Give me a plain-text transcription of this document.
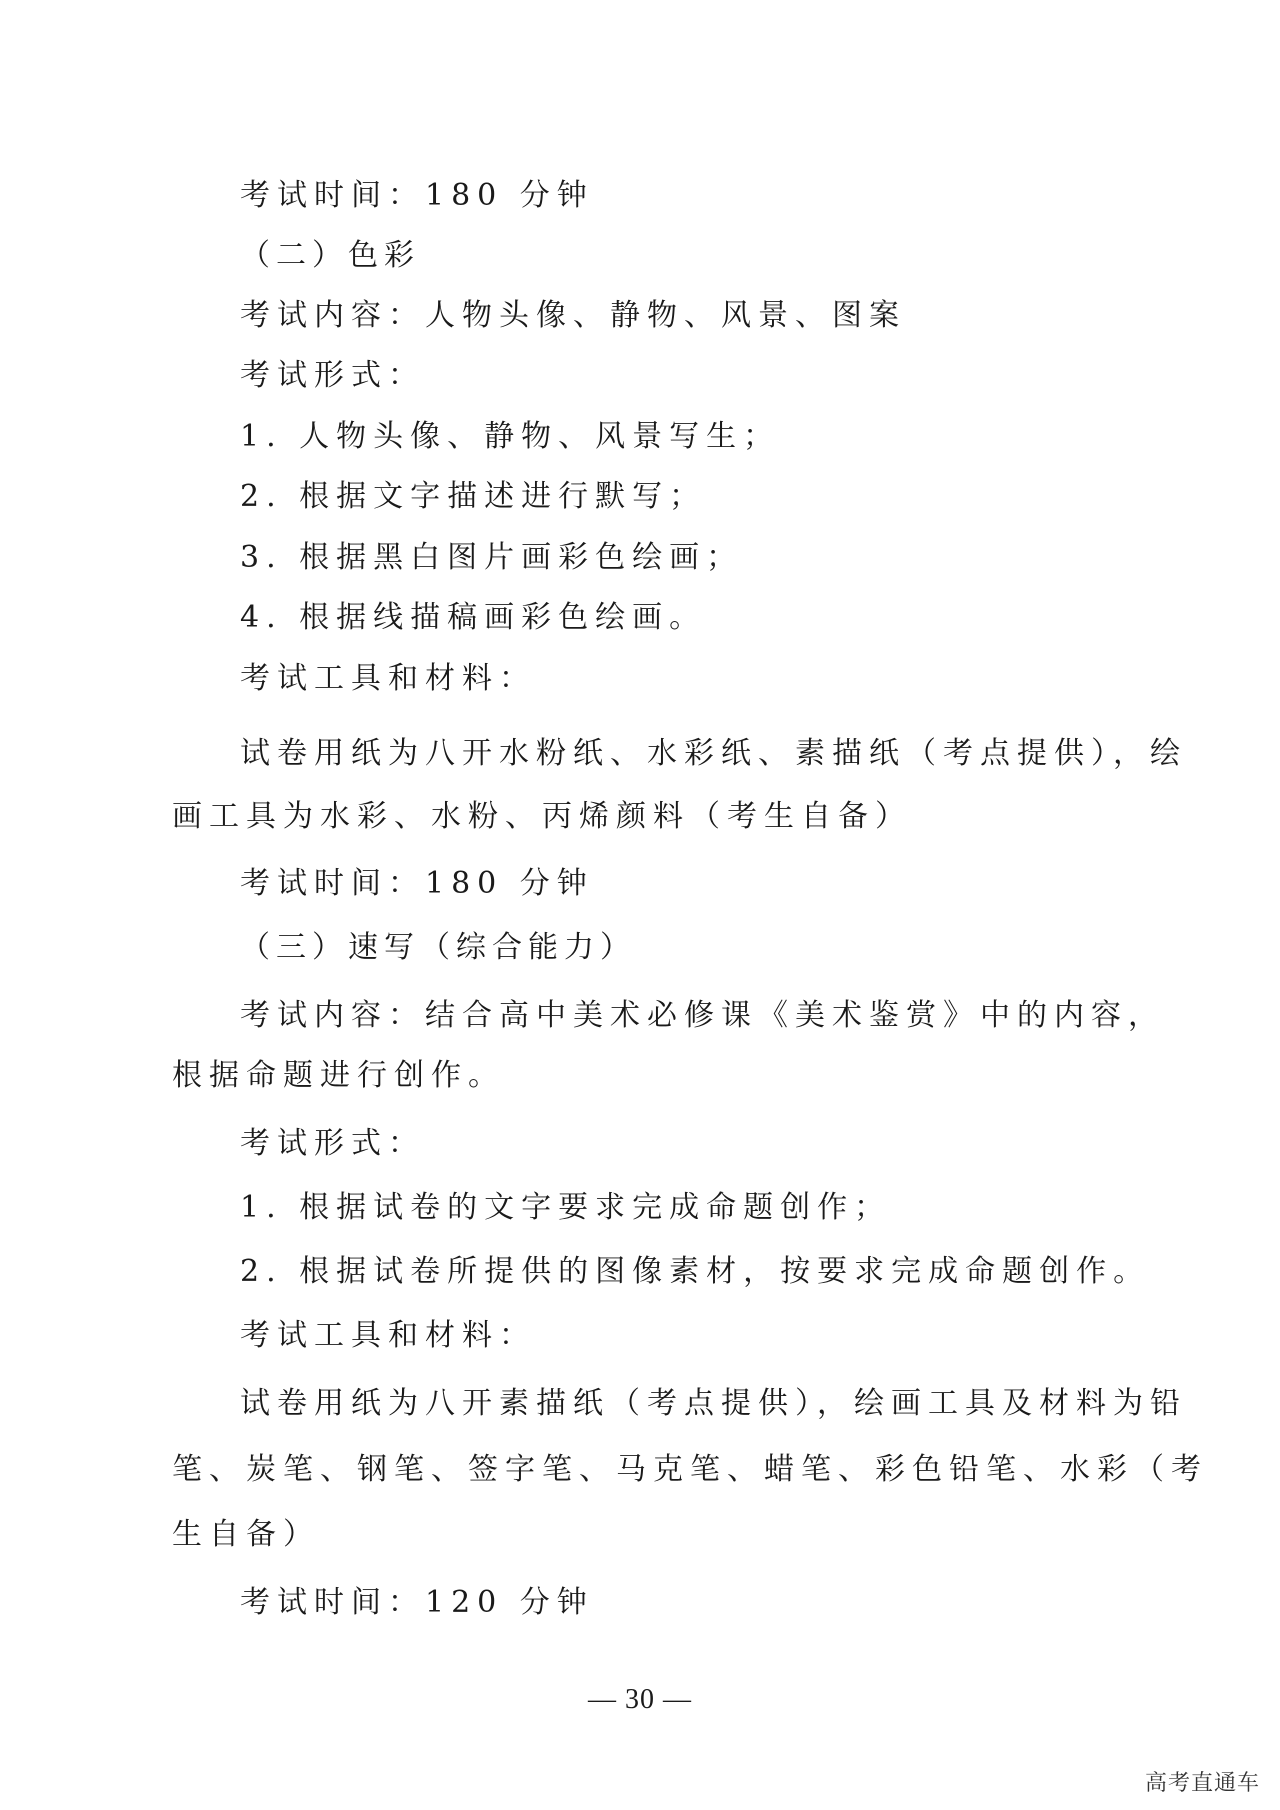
考试时间：180 分钟
（二）色彩
考试内容：人物头像、静物、风景、图案
考试形式：
1. 人物头像、静物、风景写生；
2. 根据文字描述进行默写；
3. 根据黑白图片画彩色绘画；
4. 根据线描稿画彩色绘画。
考试工具和材料：
试卷用纸为八开水粉纸、水彩纸、素描纸（考点提供），绘
画工具为水彩、水粉、丙烯颜料（考生自备）
考试时间：180 分钟
（三）速写（综合能力）
考试内容：结合高中美术必修课《美术鉴赏》中的内容，
根据命题进行创作。
考试形式：
1. 根据试卷的文字要求完成命题创作；
2. 根据试卷所提供的图像素材，按要求完成命题创作。
考试工具和材料：
试卷用纸为八开素描纸（考点提供），绘画工具及材料为铅
笔、炭笔、钢笔、签字笔、马克笔、蜡笔、彩色铅笔、水彩（考
生自备）
考试时间：120 分钟
— 30 —
高考直通车
